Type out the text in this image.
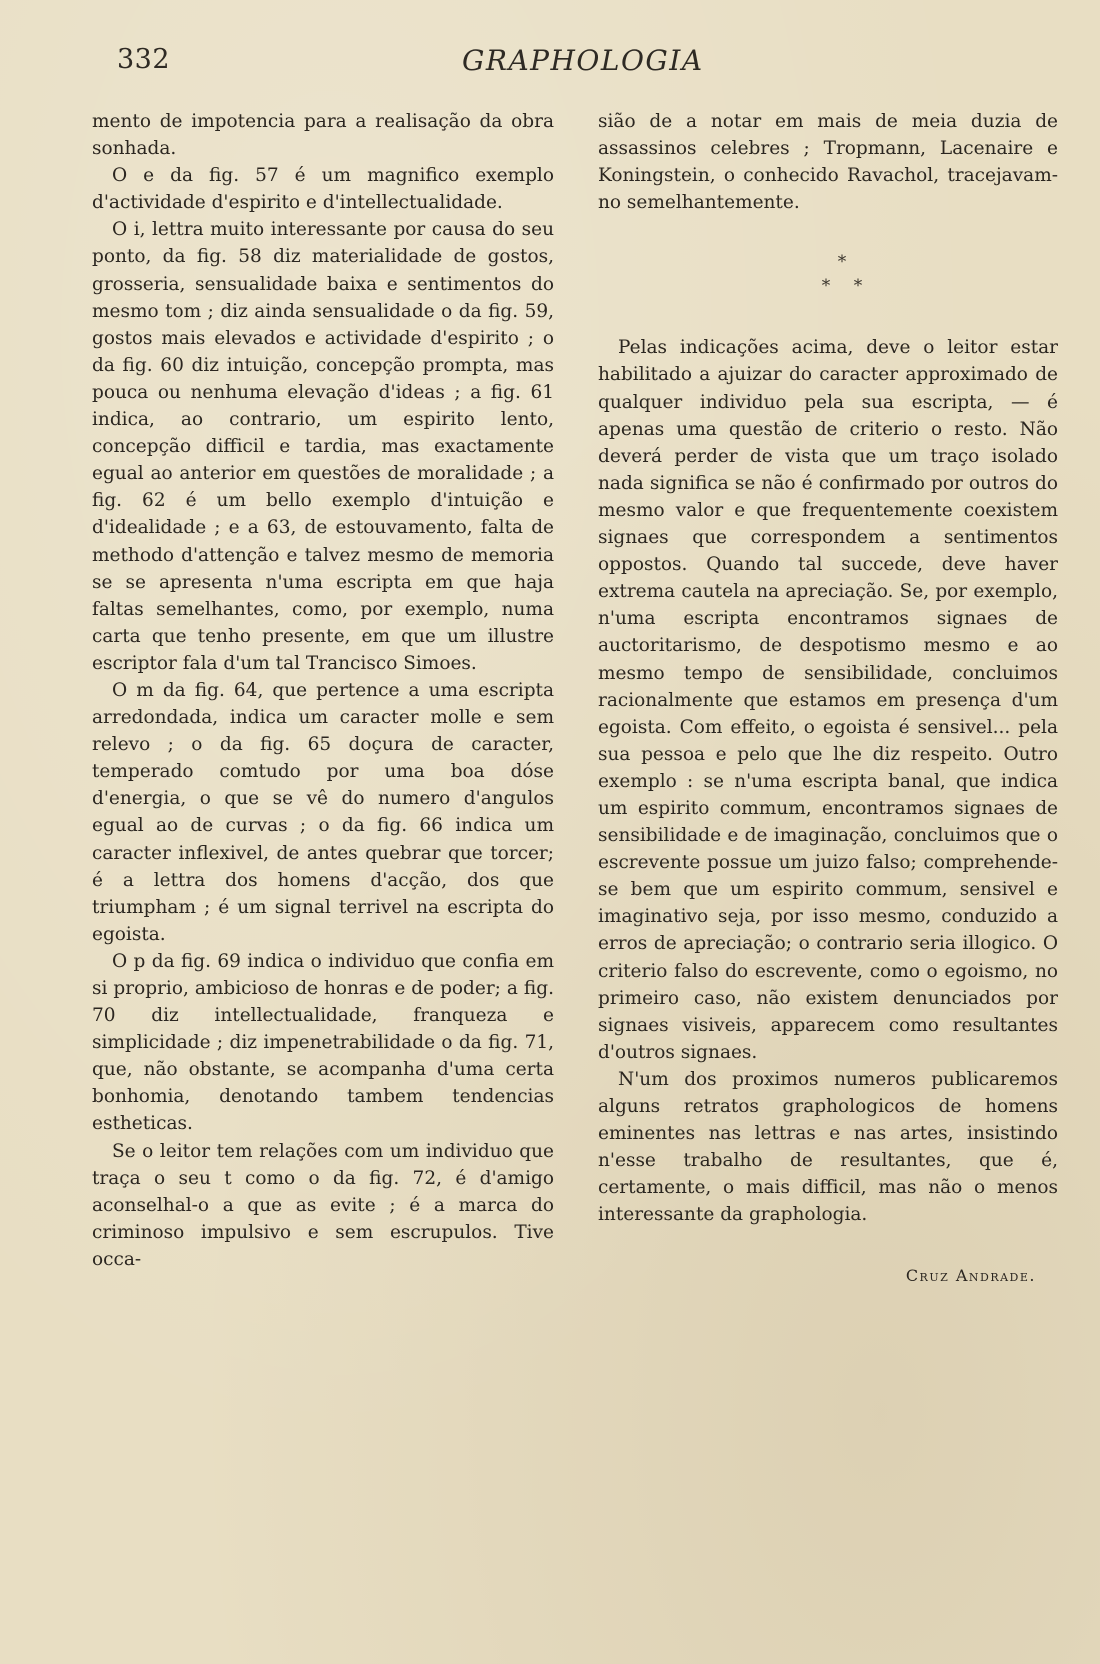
332	GRAPHOLOGIA

mento de impotencia para a realisação da obra sonhada.

O e da fig. 57 é um magnifico exemplo d'actividade d'espirito e d'intellectualidade.

O i, lettra muito interessante por causa do seu ponto, da fig. 58 diz materialidade de gostos, grosseria, sensualidade baixa e sentimentos do mesmo tom ; diz ainda sensualidade o da fig. 59, gostos mais elevados e actividade d'espirito ; o da fig. 60 diz intuição, concepção prompta, mas pouca ou nenhuma elevação d'ideas ; a fig. 61 indica, ao contrario, um espirito lento, concepção difficil e tardia, mas exactamente egual ao anterior em questões de moralidade ; a fig. 62 é um bello exemplo d'intuição e d'idealidade ; e a 63, de estouvamento, falta de methodo d'attenção e talvez mesmo de memoria se se apresenta n'uma escripta em que haja faltas semelhantes, como, por exemplo, numa carta que tenho presente, em que um illustre escriptor fala d'um tal Trancisco Simoes.

O m da fig. 64, que pertence a uma escripta arredondada, indica um caracter molle e sem relevo ; o da fig. 65 doçura de caracter, temperado comtudo por uma boa dóse d'energia, o que se vê do numero d'angulos egual ao de curvas ; o da fig. 66 indica um caracter inflexivel, de antes quebrar que torcer; é a lettra dos homens d'acção, dos que triumpham ; é um signal terrivel na escripta do egoista.

O p da fig. 69 indica o individuo que confia em si proprio, ambicioso de honras e de poder; a fig. 70 diz intellectualidade, franqueza e simplicidade ; diz impenetrabilidade o da fig. 71, que, não obstante, se acompanha d'uma certa bonhomia, denotando tambem tendencias estheticas.

Se o leitor tem relações com um individuo que traça o seu t como o da fig. 72, é d'amigo aconselhal-o a que as evite ; é a marca do criminoso impulsivo e sem escrupulos. Tive occa-

sião de a notar em mais de meia duzia de assassinos celebres ; Tropmann, Lacenaire e Koningstein, o conhecido Ravachol, tracejavam-no semelhantemente.

*
* *

Pelas indicações acima, deve o leitor estar habilitado a ajuizar do caracter approximado de qualquer individuo pela sua escripta, — é apenas uma questão de criterio o resto. Não deverá perder de vista que um traço isolado nada significa se não é confirmado por outros do mesmo valor e que frequentemente coexistem signaes que correspondem a sentimentos oppostos. Quando tal succede, deve haver extrema cautela na apreciação. Se, por exemplo, n'uma escripta encontramos signaes de auctoritarismo, de despotismo mesmo e ao mesmo tempo de sensibilidade, concluimos racionalmente que estamos em presença d'um egoista. Com effeito, o egoista é sensivel... pela sua pessoa e pelo que lhe diz respeito. Outro exemplo : se n'uma escripta banal, que indica um espirito commum, encontramos signaes de sensibilidade e de imaginação, concluimos que o escrevente possue um juizo falso; comprehende-se bem que um espirito commum, sensivel e imaginativo seja, por isso mesmo, conduzido a erros de apreciação; o contrario seria illogico. O criterio falso do escrevente, como o egoismo, no primeiro caso, não existem denunciados por signaes visiveis, apparecem como resultantes d'outros signaes.

N'um dos proximos numeros publicaremos alguns retratos graphologicos de homens eminentes nas lettras e nas artes, insistindo n'esse trabalho de resultantes, que é, certamente, o mais difficil, mas não o menos interessante da graphologia.

Cruz Andrade.
